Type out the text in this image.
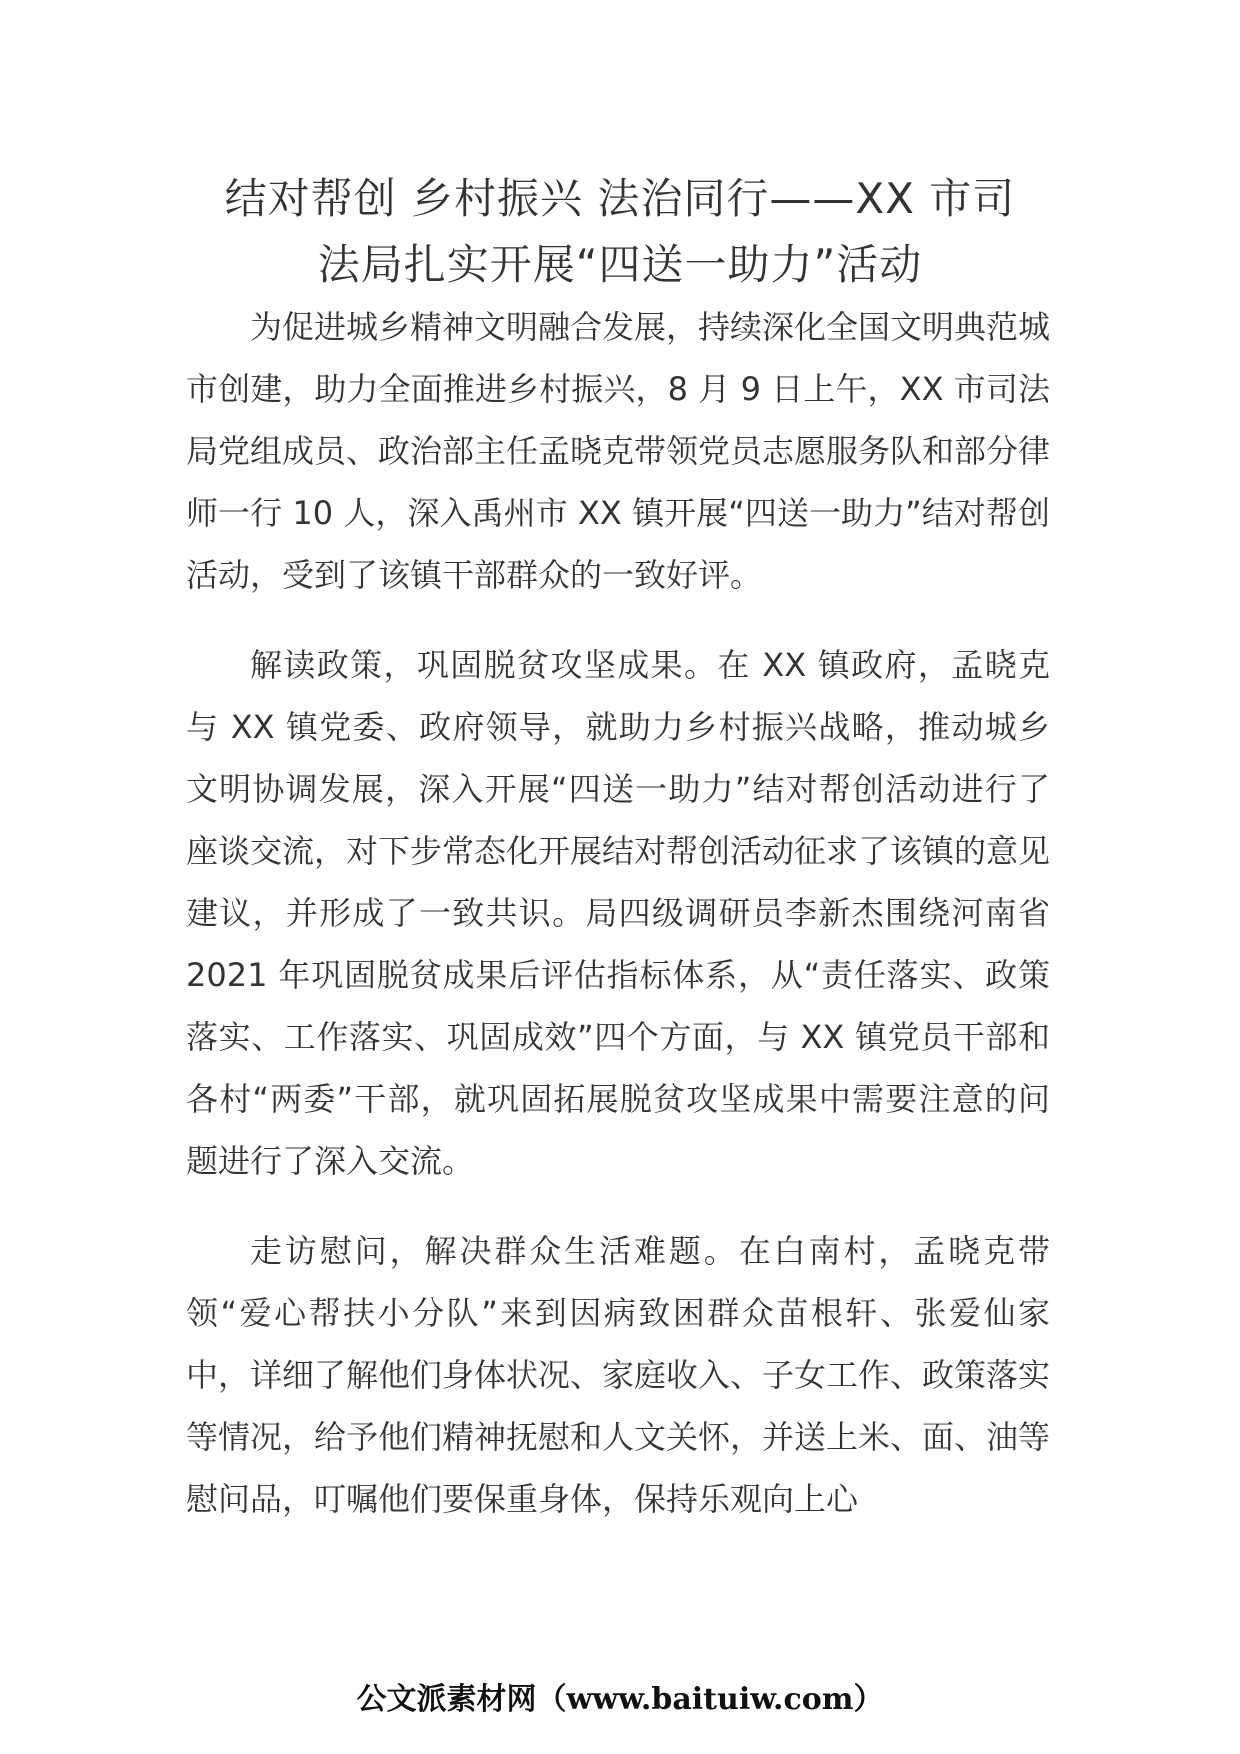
结对帮创 乡村振兴 法治同行——XX 市司
法局扎实开展“四送一助力”活动

为促进城乡精神文明融合发展，持续深化全国文明典范城市创建，助力全面推进乡村振兴，8 月 9 日上午，XX 市司法局党组成员、政治部主任孟晓克带领党员志愿服务队和部分律师一行 10 人，深入禹州市 XX 镇开展“四送一助力”结对帮创活动，受到了该镇干部群众的一致好评。

解读政策，巩固脱贫攻坚成果。在 XX 镇政府，孟晓克与 XX 镇党委、政府领导，就助力乡村振兴战略，推动城乡文明协调发展，深入开展“四送一助力”结对帮创活动进行了座谈交流，对下步常态化开展结对帮创活动征求了该镇的意见建议，并形成了一致共识。局四级调研员李新杰围绕河南省 2021 年巩固脱贫成果后评估指标体系，从“责任落实、政策落实、工作落实、巩固成效”四个方面，与 XX 镇党员干部和各村“两委”干部，就巩固拓展脱贫攻坚成果中需要注意的问题进行了深入交流。

走访慰问，解决群众生活难题。在白南村，孟晓克带领“爱心帮扶小分队”来到因病致困群众苗根轩、张爱仙家中，详细了解他们身体状况、家庭收入、子女工作、政策落实等情况，给予他们精神抚慰和人文关怀，并送上米、面、油等慰问品，叮嘱他们要保重身体，保持乐观向上心

公文派素材网（www.baituiw.com）
